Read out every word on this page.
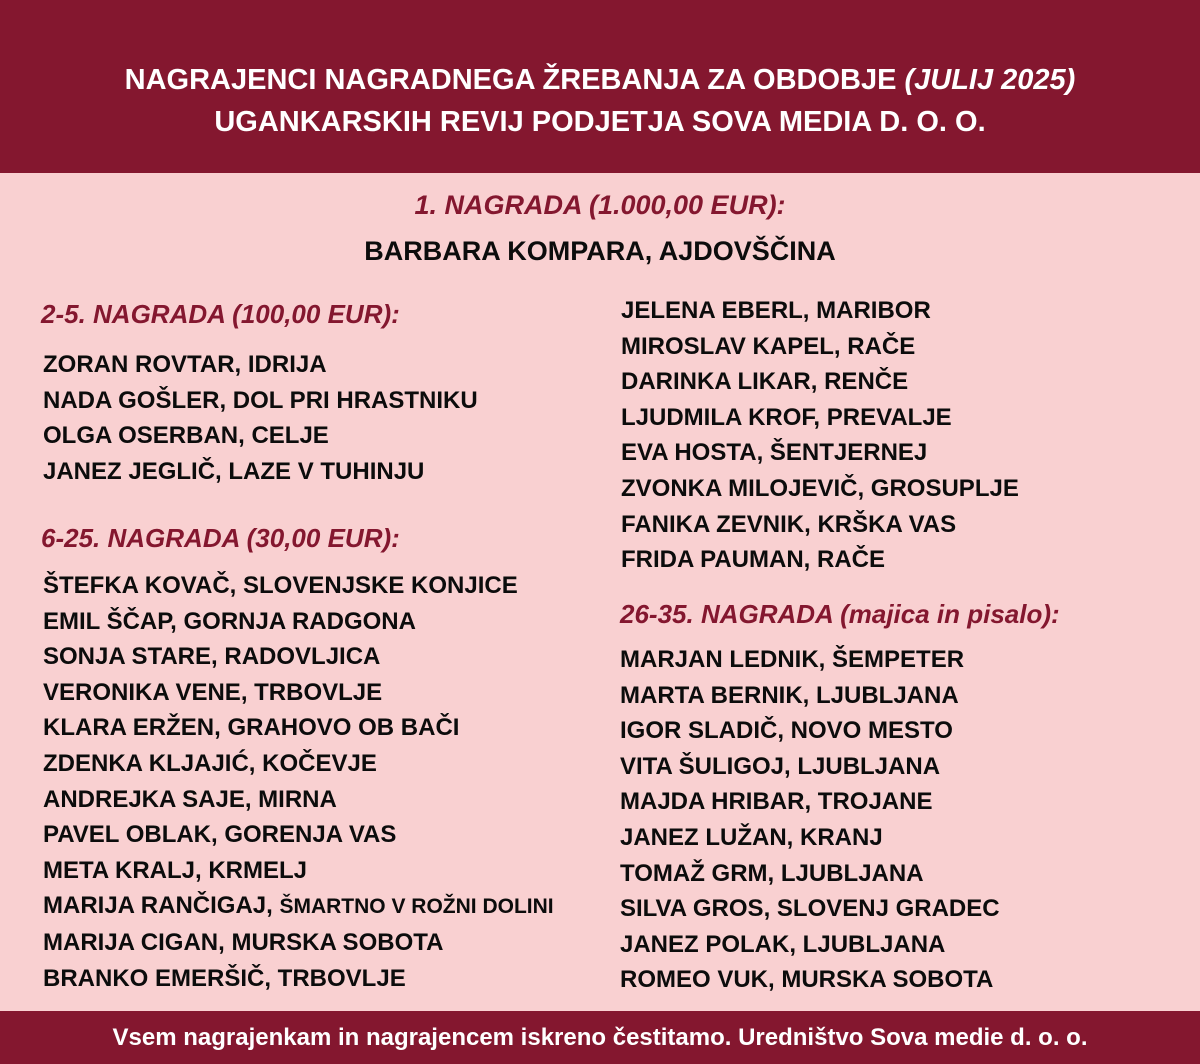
NAGRAJENCI NAGRADNEGA ŽREBANJA ZA OBDOBJE (JULIJ 2025)
UGANKARSKIH REVIJ PODJETJA SOVA MEDIA D. O. O.
1. NAGRADA (1.000,00 EUR):
BARBARA KOMPARA, AJDOVŠČINA
2-5. NAGRADA (100,00 EUR):
ZORAN ROVTAR, IDRIJA
NADA GOŠLER, DOL PRI HRASTNIKU
OLGA OSERBAN, CELJE
JANEZ JEGLIČ, LAZE V TUHINJU
6-25. NAGRADA (30,00 EUR):
ŠTEFKA KOVAČ, SLOVENJSKE KONJICE
EMIL ŠČAP, GORNJA RADGONA
SONJA STARE, RADOVLJICA
VERONIKA VENE, TRBOVLJE
KLARA ERŽEN, GRAHOVO OB BAČI
ZDENKA KLJAJIĆ, KOČEVJE
ANDREJKA SAJE, MIRNA
PAVEL OBLAK, GORENJA VAS
META KRALJ, KRMELJ
MARIJA RANČIGAJ, ŠMARTNO V ROŽNI DOLINI
MARIJA CIGAN, MURSKA SOBOTA
BRANKO EMERŠIČ, TRBOVLJE
JELENA EBERL, MARIBOR
MIROSLAV KAPEL, RAČE
DARINKA LIKAR, RENČE
LJUDMILA KROF, PREVALJE
EVA HOSTA, ŠENTJERNEJ
ZVONKA MILOJEVIČ, GROSUPLJE
FANIKA ZEVNIK, KRŠKA VAS
FRIDA PAUMAN, RAČE
26-35. NAGRADA (majica in pisalo):
MARJAN LEDNIK, ŠEMPETER
MARTA BERNIK, LJUBLJANA
IGOR SLADIČ, NOVO MESTO
VITA ŠULIGOJ, LJUBLJANA
MAJDA HRIBAR, TROJANE
JANEZ LUŽAN, KRANJ
TOMAŽ GRM, LJUBLJANA
SILVA GROS, SLOVENJ GRADEC
JANEZ POLAK, LJUBLJANA
ROMEO VUK, MURSKA SOBOTA
Vsem nagrajenkam in nagrajencem iskreno čestitamo. Uredništvo Sova medie d. o. o.
